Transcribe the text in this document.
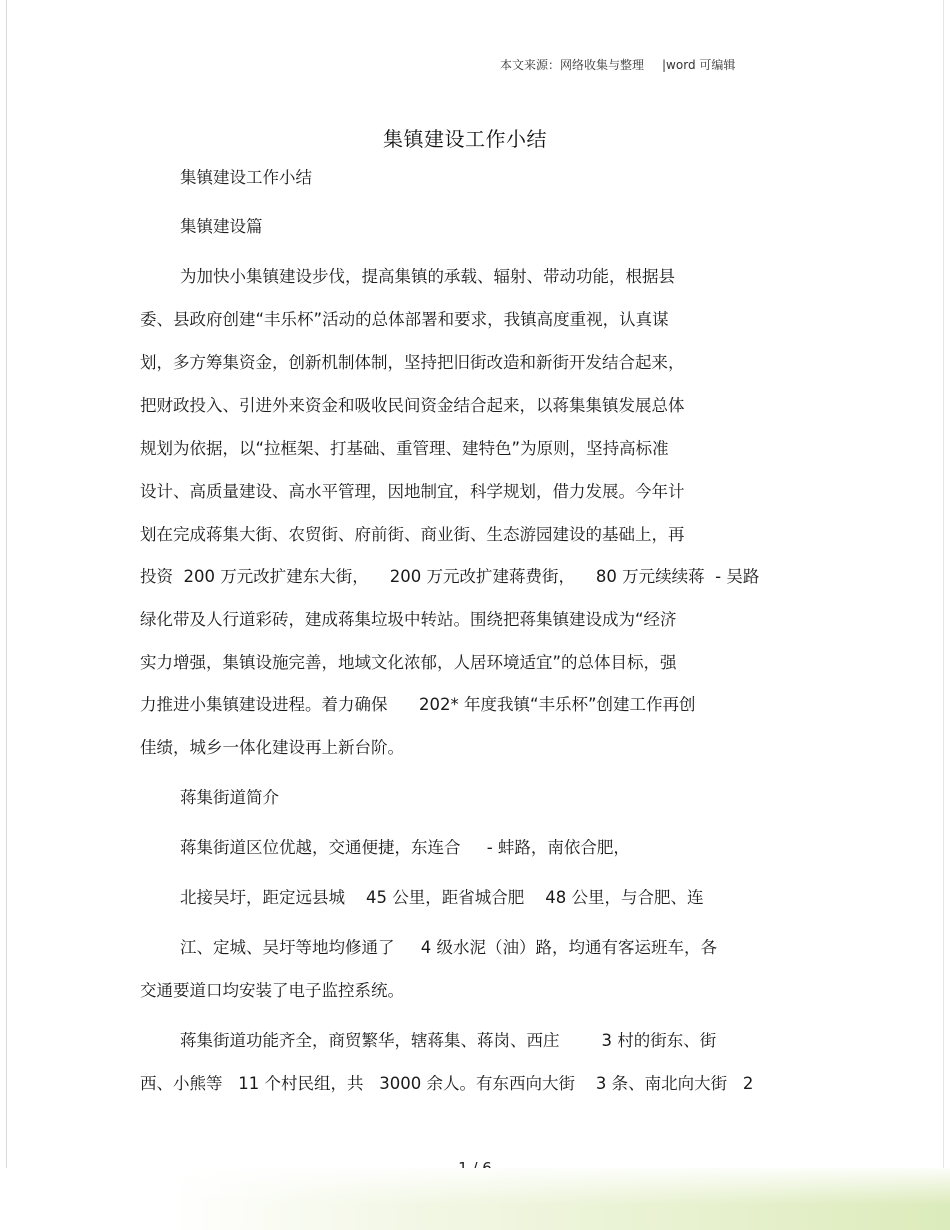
本文来源：网络收集与整理 |word 可编辑
集镇建设工作小结
集镇建设工作小结
集镇建设篇
为加快小集镇建设步伐，提高集镇的承载、辐射、带动功能，根据县
委、县政府创建“丰乐杯”活动的总体部署和要求，我镇高度重视，认真谋
划，多方筹集资金，创新机制体制，坚持把旧街改造和新街开发结合起来，
把财政投入、引进外来资金和吸收民间资金结合起来，以蒋集集镇发展总体
规划为依据，以“拉框架、打基础、重管理、建特色”为原则，坚持高标准
设计、高质量建设、高水平管理，因地制宜，科学规划，借力发展。今年计
划在完成蒋集大街、农贸街、府前街、商业街、生态游园建设的基础上，再
投资  200 万元改扩建东大街，    200 万元改扩建蒋费街，    80 万元续续蒋  - 吴路
绿化带及人行道彩砖，建成蒋集垃圾中转站。围绕把蒋集镇建设成为“经济
实力增强，集镇设施完善，地域文化浓郁，人居环境适宜”的总体目标，强
力推进小集镇建设进程。着力确保      202* 年度我镇“丰乐杯”创建工作再创
佳绩，城乡一体化建设再上新台阶。
蒋集街道简介
蒋集街道区位优越，交通便捷，东连合     - 蚌路，南依合肥，
北接吴圩，距定远县城    45 公里，距省城合肥    48 公里，与合肥、连
江、定城、吴圩等地均修通了     4 级水泥（油）路，均通有客运班车，各
交通要道口均安装了电子监控系统。
蒋集街道功能齐全，商贸繁华，辖蒋集、蒋岗、西庄        3 村的街东、街
西、小熊等   11 个村民组，共   3000 余人。有东西向大街    3 条、南北向大街   2
